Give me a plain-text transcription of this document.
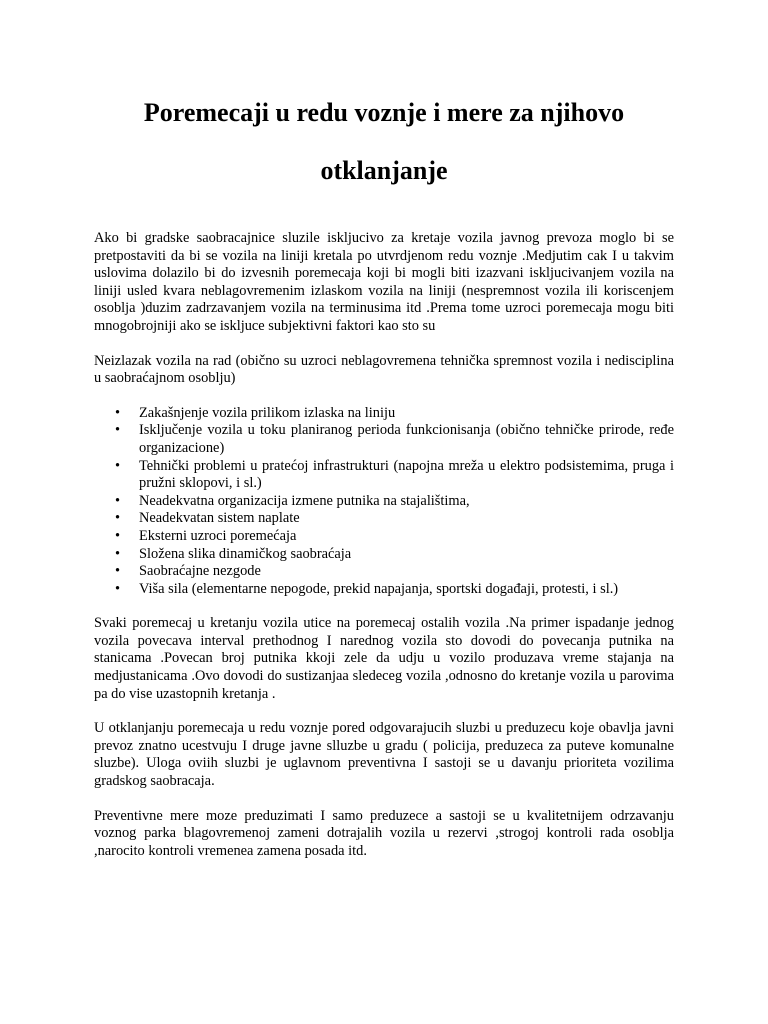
Poremecaji u redu voznje i mere za njihovo otklanjanje

Ako bi gradske saobracajnice sluzile iskljucivo za kretaje vozila javnog prevoza moglo bi se pretpostaviti da bi se vozila na liniji kretala po utvrdjenom redu voznje .Medjutim cak I u takvim uslovima dolazilo bi do izvesnih poremecaja koji bi mogli biti izazvani iskljucivanjem vozila na liniji usled kvara neblagovremenim izlaskom vozila na liniji (nespremnost vozila ili koriscenjem osoblja )duzim zadrzavanjem vozila na terminusima itd .Prema tome uzroci poremecaja mogu biti mnogobrojniji ako se iskljuce subjektivni faktori kao sto su

Neizlazak vozila na rad (obično su uzroci neblagovremena tehnička spremnost vozila i nedisciplina u saobraćajnom osoblju)

• Zakašnjenje vozila prilikom izlaska na liniju
• Isključenje vozila u toku planiranog perioda funkcionisanja (obično tehničke prirode, ređe organizacione)
• Tehnički problemi u pratećoj infrastrukturi (napojna mreža u elektro podsistemima, pruga i pružni sklopovi, i sl.)
• Neadekvatna organizacija izmene putnika na stajalištima,
• Neadekvatan sistem naplate
• Eksterni uzroci poremećaja
• Složena slika dinamičkog saobraćaja
• Saobraćajne nezgode
• Viša sila (elementarne nepogode, prekid napajanja, sportski događaji, protesti, i sl.)

Svaki poremecaj u kretanju vozila utice na poremecaj ostalih vozila .Na primer ispadanje jednog vozila povecava interval prethodnog I narednog vozila sto dovodi do povecanja putnika na stanicama .Povecan broj putnika kkoji zele da udju u vozilo produzava vreme stajanja na medjustanicama .Ovo dovodi do sustizanjaa sledeceg vozila ,odnosno do kretanje vozila u parovima pa do vise uzastopnih kretanja .

U otklanjanju poremecaja u redu voznje pored odgovarajucih sluzbi u preduzecu koje obavlja javni prevoz znatno ucestvuju I druge javne slluzbe u gradu ( policija, preduzeca za puteve komunalne sluzbe). Uloga oviih sluzbi je uglavnom preventivna I sastoji se u davanju prioriteta vozilima gradskog saobracaja.

Preventivne mere moze preduzimati I samo preduzece a sastoji se u kvalitetnijem odrzavanju voznog parka blagovremenoj zameni dotrajalih vozila u rezervi ,strogoj kontroli rada osoblja ,narocito kontroli vremenea zamena posada itd.
